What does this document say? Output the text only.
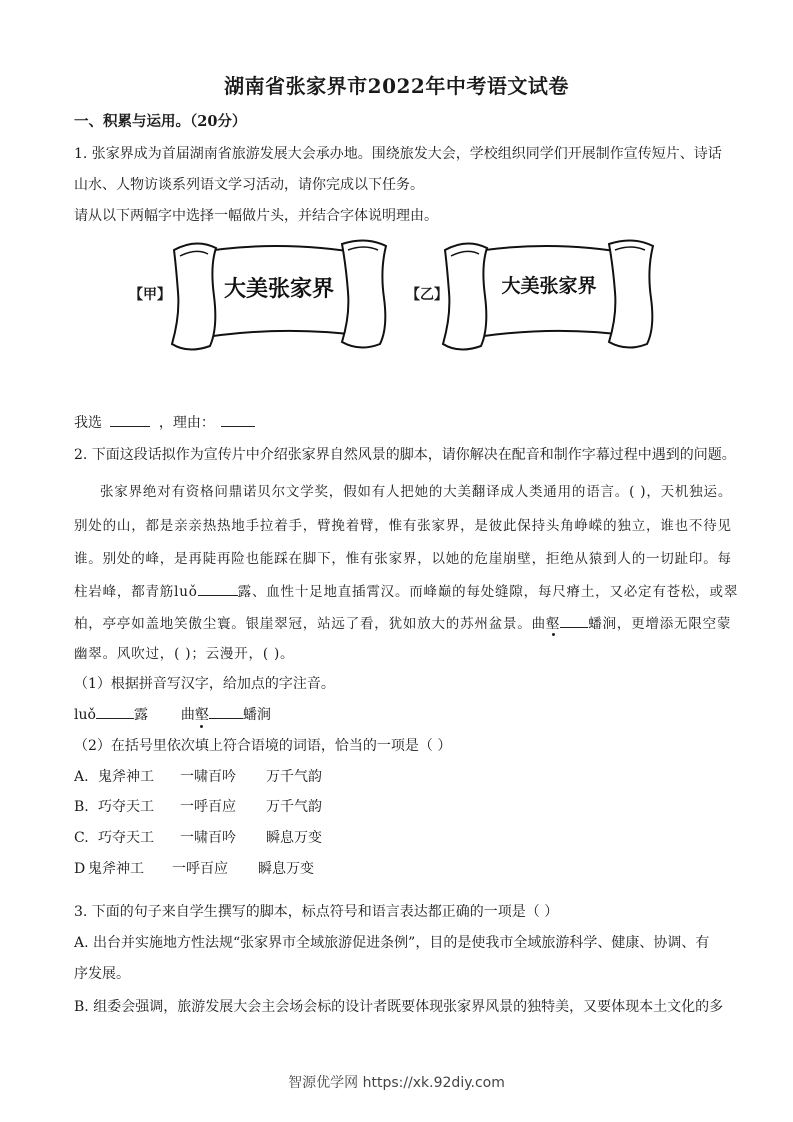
湖南省张家界市2022年中考语文试卷
一、积累与运用。（20分）
1. 张家界成为首届湖南省旅游发展大会承办地。围绕旅发大会，学校组织同学们开展制作宣传短片、诗话
山水、人物访谈系列语文学习活动，请你完成以下任务。
请从以下两幅字中选择一幅做片头，并结合字体说明理由。
【甲】 大美张家界	【乙】	大美张家界
我选	，理由：
2. 下面这段话拟作为宣传片中介绍张家界自然风景的脚本，请你解决在配音和制作字幕过程中遇到的问题。
张家界绝对有资格问鼎诺贝尔文学奖，假如有人把她的大美翻译成人类通用的语言。( )，天机独运。
别处的山，都是亲亲热热地手拉着手，臂挽着臂，惟有张家界，是彼此保持头角峥嵘的独立，谁也不待见
谁。别处的峰，是再陡再险也能踩在脚下，惟有张家界，以她的危崖崩壁，拒绝从猿到人的一切趾印。每
柱岩峰，都青筋luǒ	露、血性十足地直插霄汉。而峰巅的每处缝隙，每尺瘠土，又必定有苍松，或翠
柏，亭亭如盖地笑傲尘寰。银崖翠冠，站远了看，犹如放大的苏州盆景。曲壑 蟠涧，更增添无限空蒙
幽翠。风吹过，( )；云漫开，( )。
（1）根据拼音写汉字，给加点的字注音。
luǒ	露 曲壑 蟠涧
（2）在括号里依次填上符合语境的词语，恰当的一项是（ ）
A. 鬼斧神工 一啸百吟 万千气韵
B. 巧夺天工 一呼百应 万千气韵
C. 巧夺天工 一啸百吟 瞬息万变
D 鬼斧神工 一呼百应 瞬息万变
3. 下面的句子来自学生撰写的脚本，标点符号和语言表达都正确的一项是（ ）
A. 出台并实施地方性法规“张家界市全域旅游促进条例”，目的是使我市全域旅游科学、健康、协调、有
序发展。
B. 组委会强调，旅游发展大会主会场会标的设计者既要体现张家界风景的独特美，又要体现本土文化的多
智源优学网 https://xk.92diy.com
